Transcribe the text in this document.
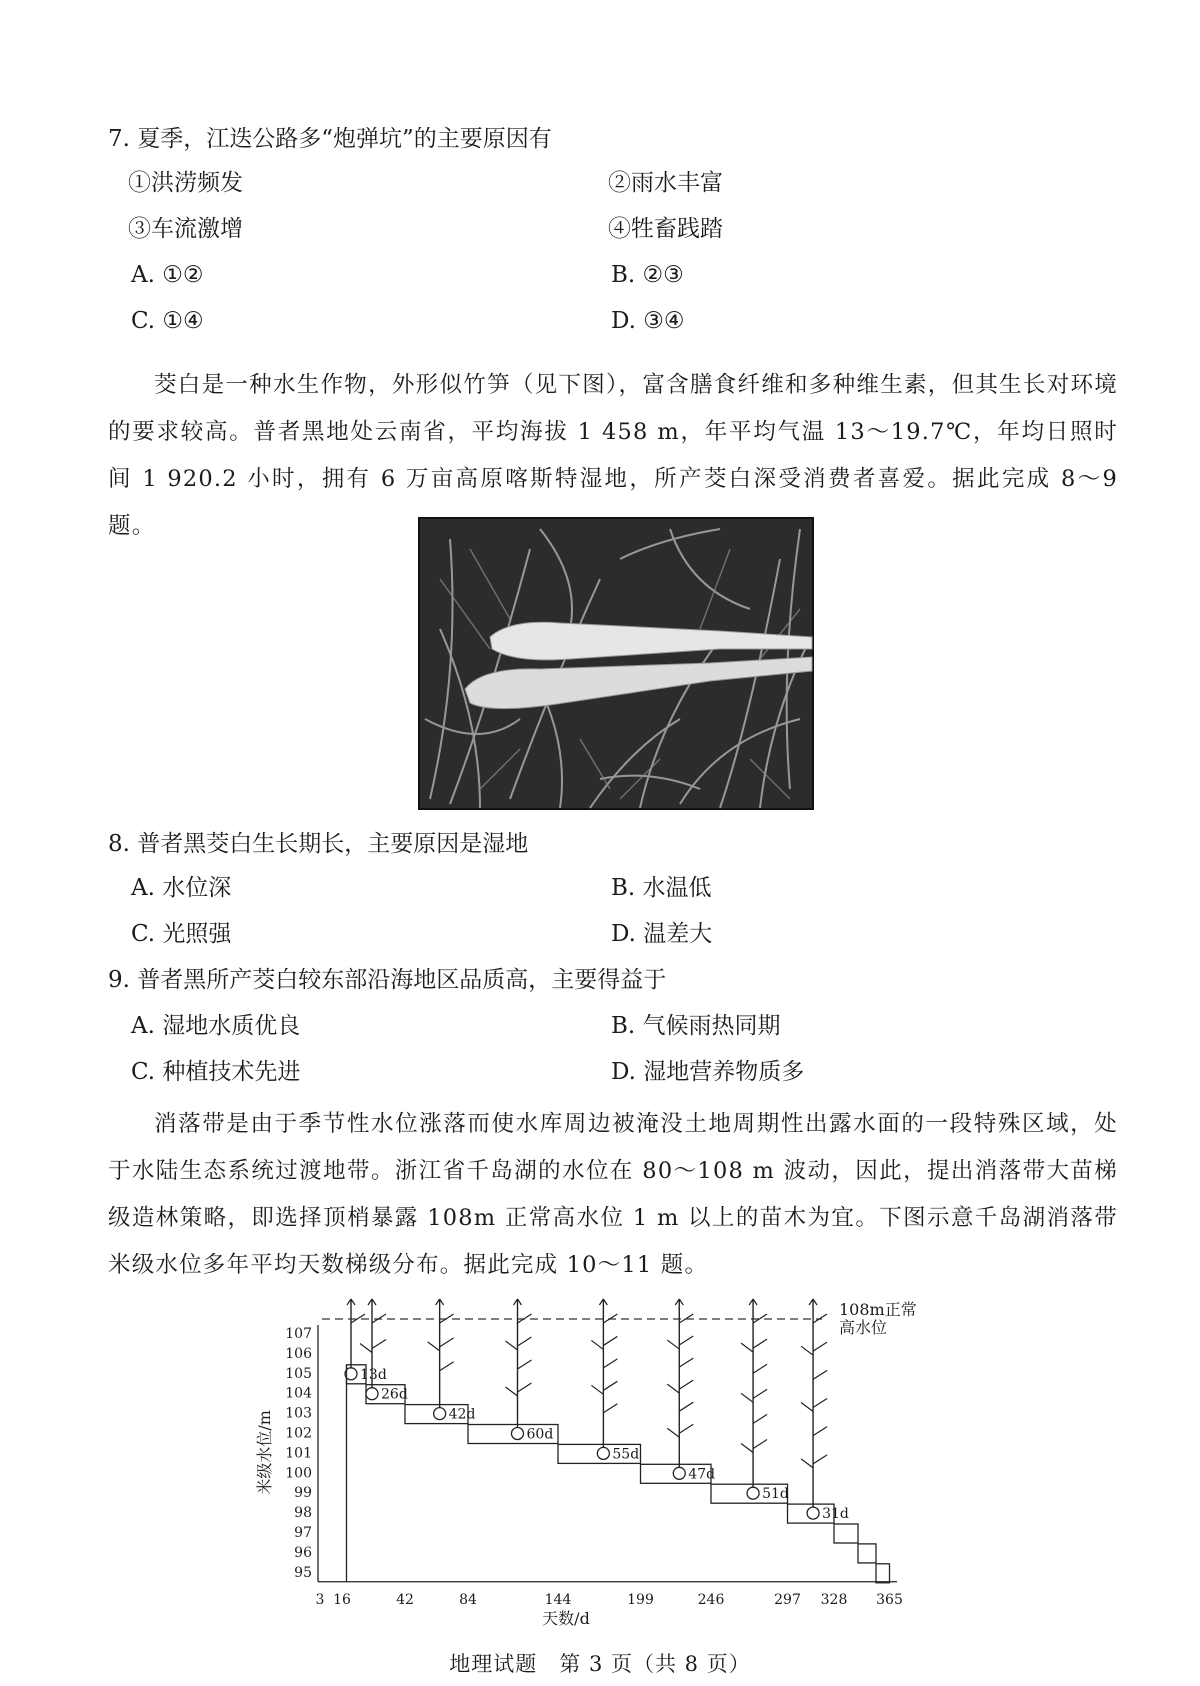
7. 夏季，江迭公路多“炮弹坑”的主要原因有
①洪涝频发	②雨水丰富
③车流激增	④牲畜践踏
A. ①②	B. ②③
C. ①④	D. ③④
茭白是一种水生作物，外形似竹笋（见下图），富含膳食纤维和多种维生素，但其生长对环境的要求较高。普者黑地处云南省，平均海拔 1 458 m，年平均气温 13～19.7℃，年均日照时间 1 920.2 小时，拥有 6 万亩高原喀斯特湿地，所产茭白深受消费者喜爱。据此完成 8～9 题。
8. 普者黑茭白生长期长，主要原因是湿地
A. 水位深	B. 水温低
C. 光照强	D. 温差大
9. 普者黑所产茭白较东部沿海地区品质高，主要得益于
A. 湿地水质优良	B. 气候雨热同期
C. 种植技术先进	D. 湿地营养物质多
消落带是由于季节性水位涨落而使水库周边被淹没土地周期性出露水面的一段特殊区域，处于水陆生态系统过渡地带。浙江省千岛湖的水位在 80～108 m 波动，因此，提出消落带大苗梯级造林策略，即选择顶梢暴露 108m 正常高水位 1 m 以上的苗木为宜。下图示意千岛湖消落带米级水位多年平均天数梯级分布。据此完成 10～11 题。
95
96
97
98
99
100
101
102
103
104
105
106
107
米级水位/m
3 16	42	84	144	199	246	297 328 365
天数/d
108m正常
高水位
13d
26d
42d
60d
55d
47d
51d
31d
地理试题　第 3 页（共 8 页）
